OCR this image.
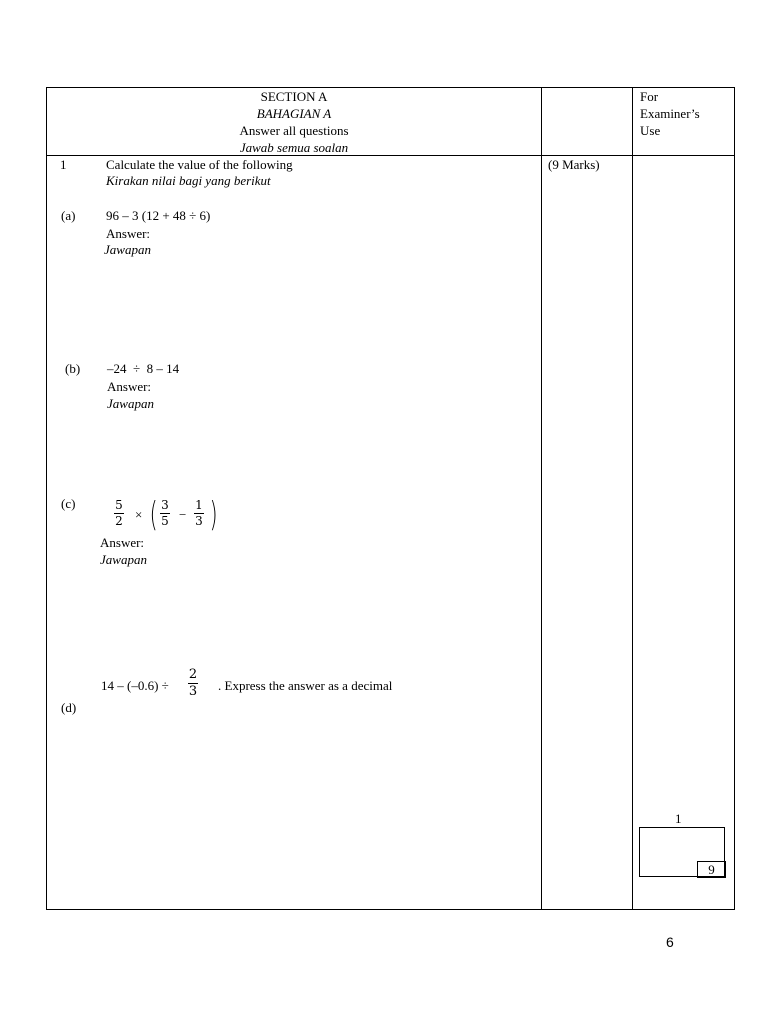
SECTION A
BAHAGIAN A
Answer all questions
Jawab semua soalan
For
Examiner’s
Use
1	Calculate the value of the following
Kirakan nilai bagi yang berikut
(9 Marks)
(a) 96 – 3 (12 + 48 ÷ 6)
Answer:
Jawapan
(b) –24  ÷  8 – 14
Answer:
Jawapan
(c)	5
2 × ( 3
5 −
1
3 )
Answer:
Jawapan
14 – (–0.6) ÷
2
3 . Express the answer as a decimal
(d)
1
9
6
